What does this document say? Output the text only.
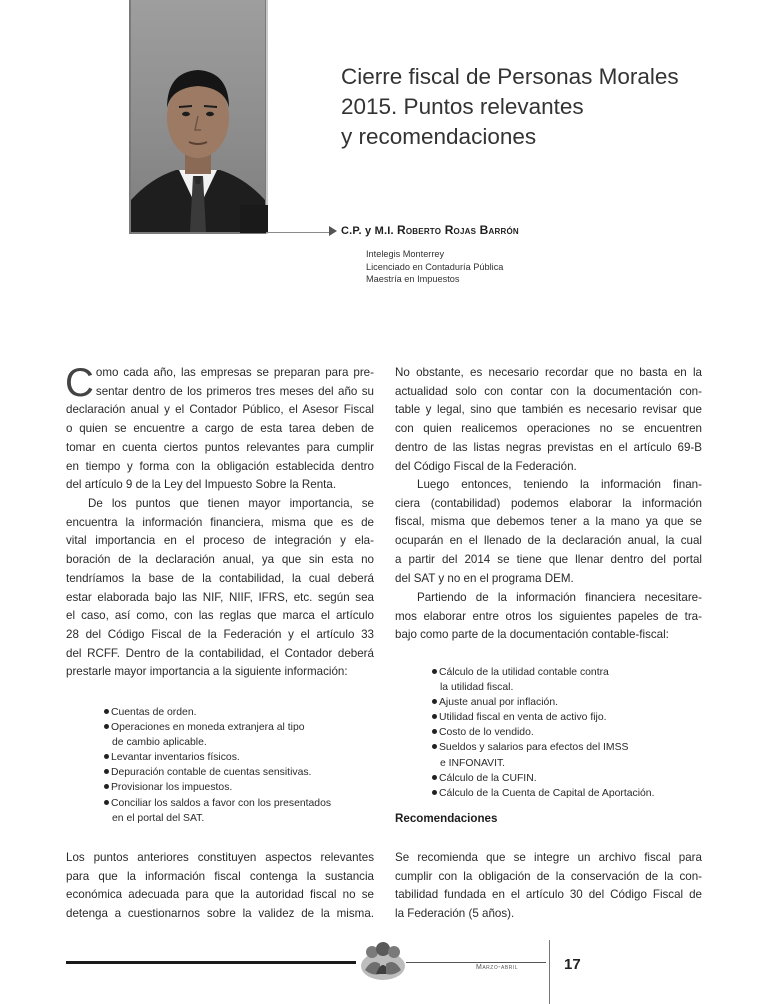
Cierre fiscal de Personas Morales
2015. Puntos relevantes
y recomendaciones
C.P. y M.I. Roberto Rojas Barrón
Intelegis Monterrey
Licenciado en Contaduría Pública
Maestría en Impuestos
C omo cada año, las empresas se preparan para pre-

sentar dentro de los primeros tres meses del año su

declaración anual y el Contador Público, el Asesor Fiscal

o quien se encuentre a cargo de esta tarea deben de

tomar en cuenta ciertos puntos relevantes para cumplir

en tiempo y forma con la obligación establecida dentro

del artículo 9 de la Ley del Impuesto Sobre la Renta.

De los puntos que tienen mayor importancia, se

encuentra la información financiera, misma que es de

vital importancia en el proceso de integración y ela-

boración de la declaración anual, ya que sin esta no

tendríamos la base de la contabilidad, la cual deberá

estar elaborada bajo las NIF, NIIF, IFRS, etc. según sea

el caso, así como, con las reglas que marca el artículo

28 del Código Fiscal de la Federación y el artículo 33

del RCFF. Dentro de la contabilidad, el Contador deberá

prestarle mayor importancia a la siguiente información:

Cuentas de orden.
Operaciones en moneda extranjera al tipo
de cambio aplicable.
Levantar inventarios físicos.
Depuración contable de cuentas sensitivas.
Provisionar los impuestos.
Conciliar los saldos a favor con los presentados
en el portal del SAT.

Los puntos anteriores constituyen aspectos relevantes

para que la información fiscal contenga la sustancia

económica adecuada para que la autoridad fiscal no se

detenga a cuestionarnos sobre la validez de la misma.

No obstante, es necesario recordar que no basta en la

actualidad solo con contar con la documentación con-

table y legal, sino que también es necesario revisar que

con quien realicemos operaciones no se encuentren

dentro de las listas negras previstas en el artículo 69-B

del Código Fiscal de la Federación.

Luego entonces, teniendo la información finan-

ciera (contabilidad) podemos elaborar la información

fiscal, misma que debemos tener a la mano ya que se

ocuparán en el llenado de la declaración anual, la cual

a partir del 2014 se tiene que llenar dentro del portal

del SAT y no en el programa DEM.

Partiendo de la información financiera necesitare-

mos elaborar entre otros los siguientes papeles de tra-

bajo como parte de la documentación contable-fiscal:

Cálculo de la utilidad contable contra
la utilidad fiscal.
Ajuste anual por inflación.
Utilidad fiscal en venta de activo fijo.
Costo de lo vendido.
Sueldos y salarios para efectos del IMSS
e INFONAVIT.
Cálculo de la CUFIN.
Cálculo de la Cuenta de Capital de Aportación.
Recomendaciones

Se recomienda que se integre un archivo fiscal para

cumplir con la obligación de la conservación de la con-

tabilidad fundada en el artículo 30 del Código Fiscal de

la Federación (5 años).

Marzo-abril	17
